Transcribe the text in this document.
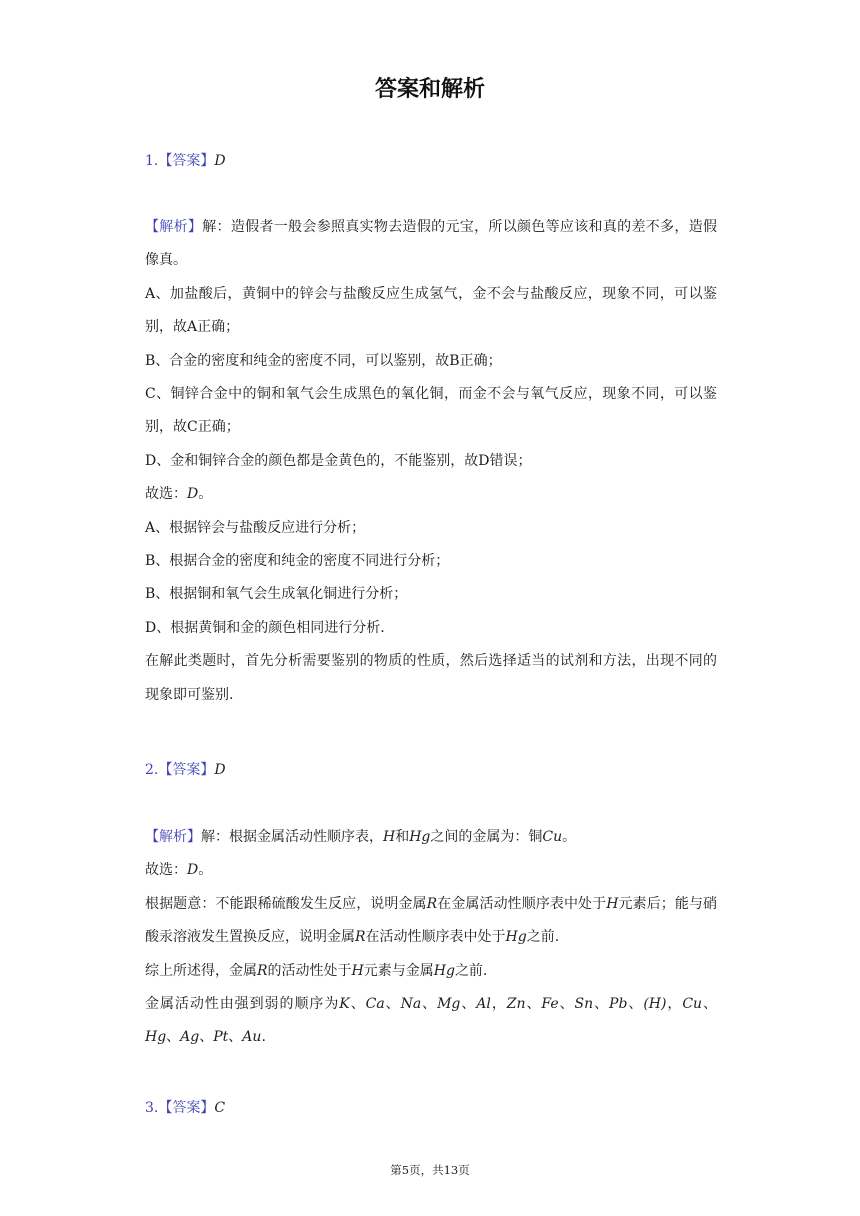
答案和解析
1.【答案】D

【解析】解：造假者一般会参照真实物去造假的元宝，所以颜色等应该和真的差不多，造假像真。

A、加盐酸后，黄铜中的锌会与盐酸反应生成氢气，金不会与盐酸反应，现象不同，可以鉴别，故A正确；

B、合金的密度和纯金的密度不同，可以鉴别，故B正确；

C、铜锌合金中的铜和氧气会生成黑色的氧化铜，而金不会与氧气反应，现象不同，可以鉴别，故C正确；

D、金和铜锌合金的颜色都是金黄色的，不能鉴别，故D错误；

故选：D。

A、根据锌会与盐酸反应进行分析；

B、根据合金的密度和纯金的密度不同进行分析；

B、根据铜和氧气会生成氧化铜进行分析；

D、根据黄铜和金的颜色相同进行分析.

在解此类题时，首先分析需要鉴别的物质的性质，然后选择适当的试剂和方法，出现不同的现象即可鉴别.

2.【答案】D

【解析】解：根据金属活动性顺序表，H和Hg之间的金属为：铜Cu。

故选：D。

根据题意：不能跟稀硫酸发生反应，说明金属R在金属活动性顺序表中处于H元素后；能与硝酸汞溶液发生置换反应，说明金属R在活动性顺序表中处于Hg之前.

综上所述得，金属R的活动性处于H元素与金属Hg之前.

金属活动性由强到弱的顺序为K、Ca、Na、Mg、Al，Zn、Fe、Sn、Pb、(H)，Cu、Hg、Ag、Pt、Au.

3.【答案】C
第5页，共13页
